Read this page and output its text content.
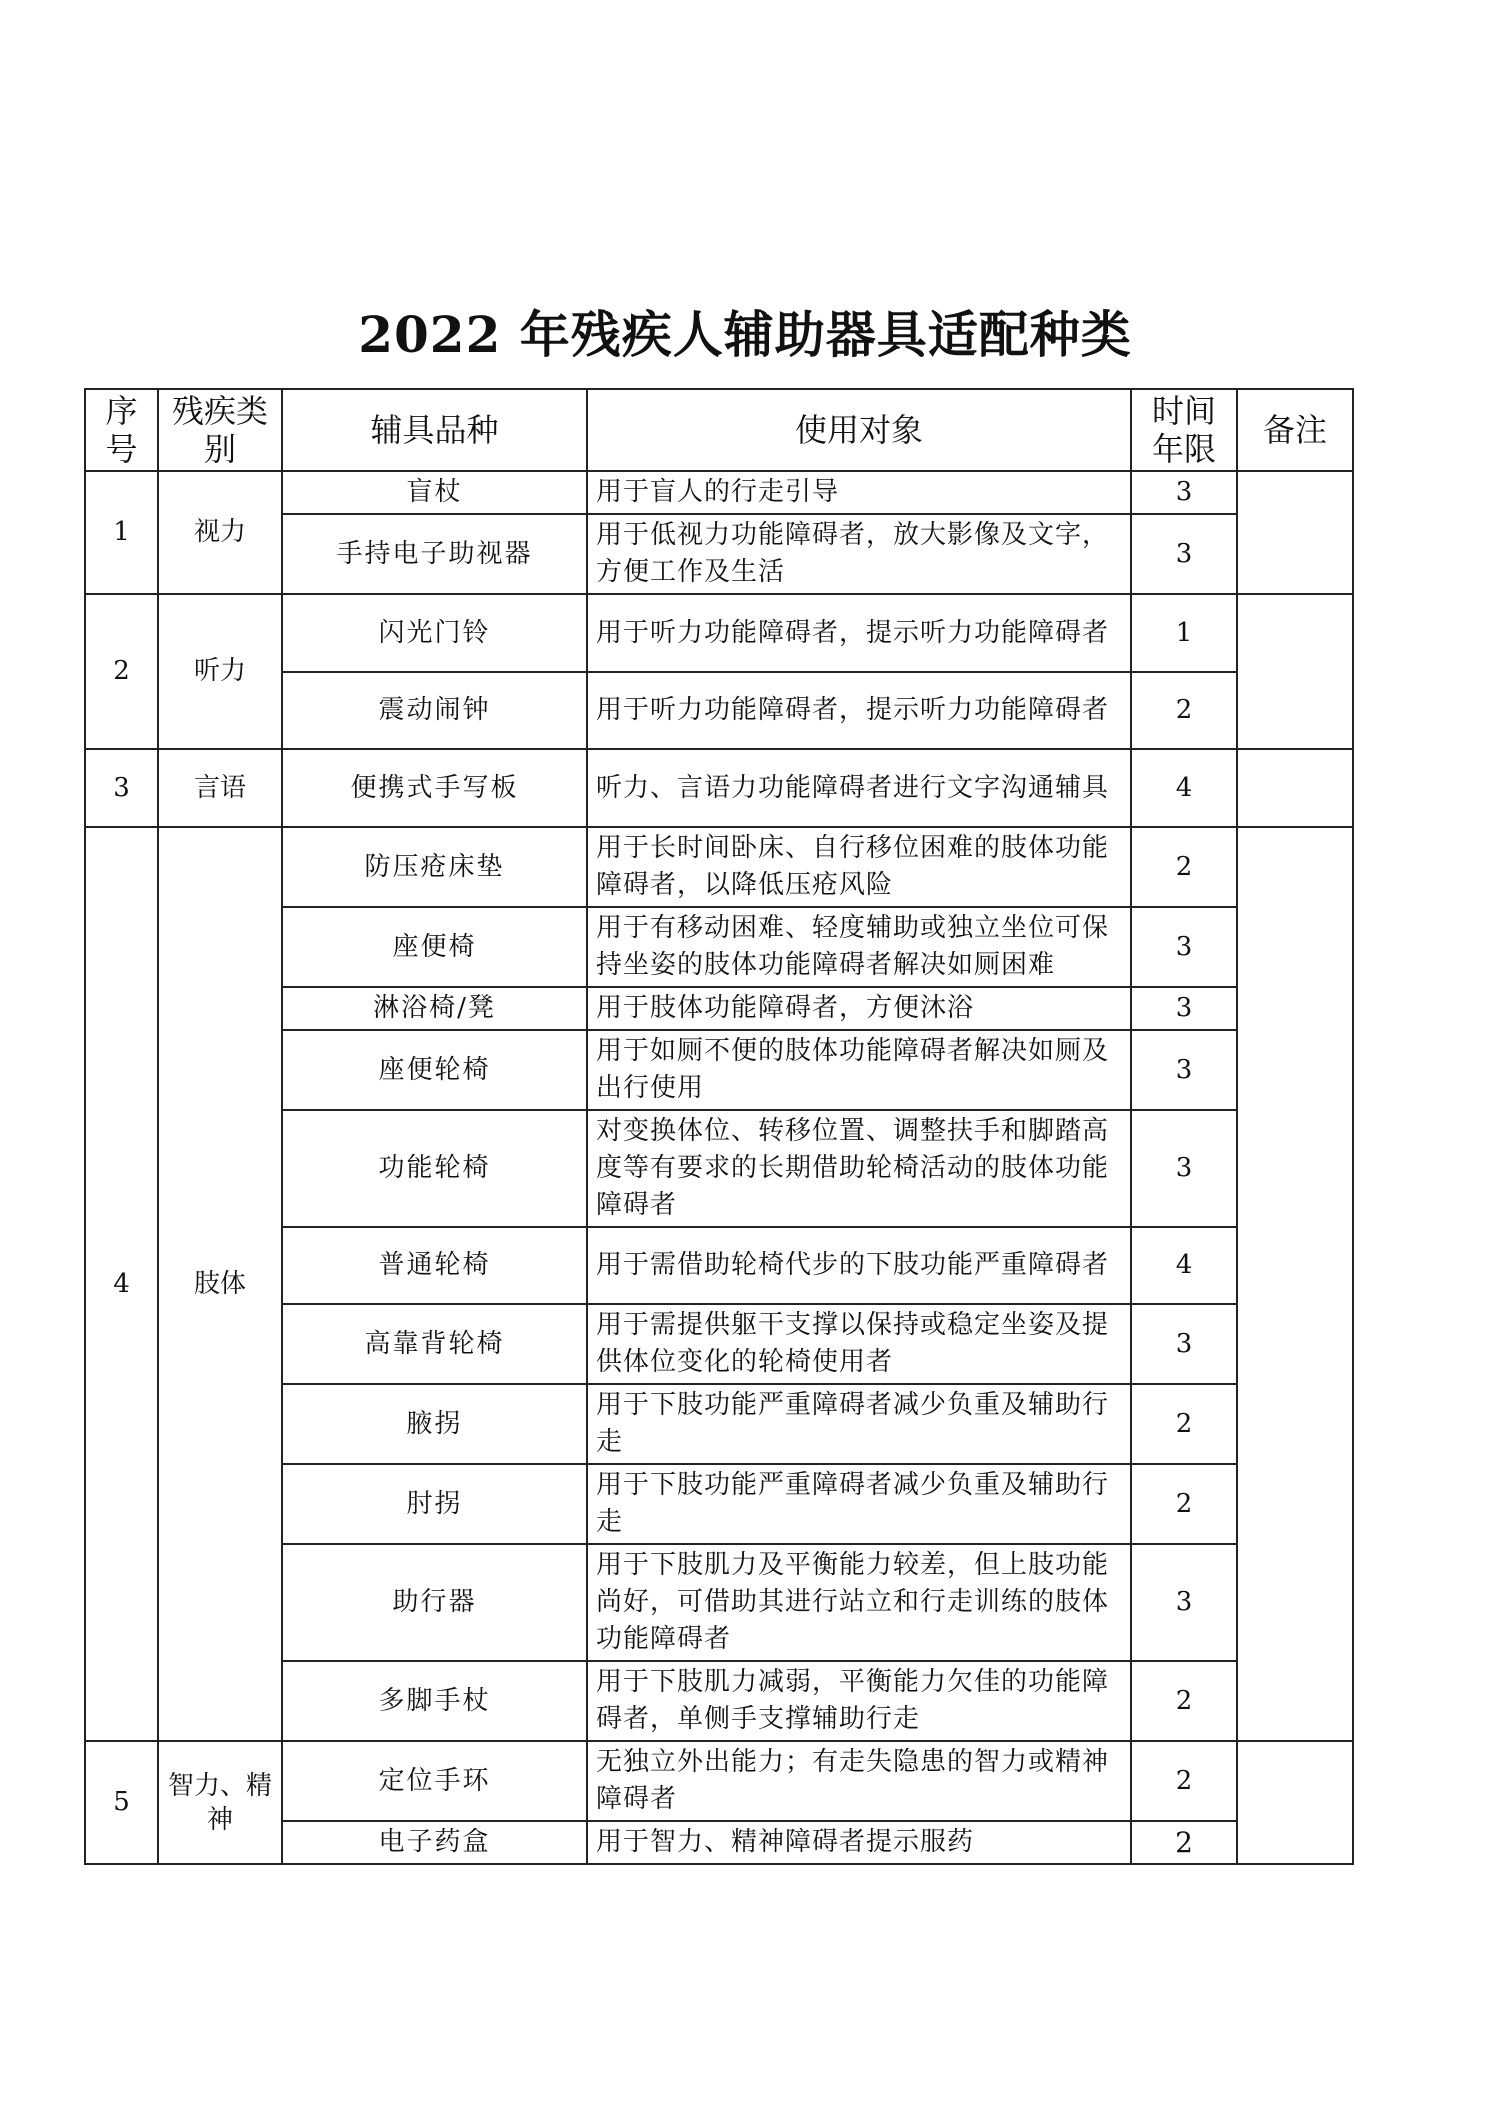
2022 年残疾人辅助器具适配种类
序号	残疾类别	辅具品种	使用对象	时间年限	备注
1	视力	盲杖	用于盲人的行走引导	3	
		手持电子助视器	用于低视力功能障碍者，放大影像及文字，方便工作及生活	3	
2	听力	闪光门铃	用于听力功能障碍者，提示听力功能障碍者	1	
		震动闹钟	用于听力功能障碍者，提示听力功能障碍者	2	
3	言语	便携式手写板	听力、言语力功能障碍者进行文字沟通辅具	4	
4	肢体	防压疮床垫	用于长时间卧床、自行移位困难的肢体功能障碍者，以降低压疮风险	2	
		座便椅	用于有移动困难、轻度辅助或独立坐位可保持坐姿的肢体功能障碍者解决如厕困难	3	
		淋浴椅/凳	用于肢体功能障碍者，方便沐浴	3	
		座便轮椅	用于如厕不便的肢体功能障碍者解决如厕及出行使用	3	
		功能轮椅	对变换体位、转移位置、调整扶手和脚踏高度等有要求的长期借助轮椅活动的肢体功能障碍者	3	
		普通轮椅	用于需借助轮椅代步的下肢功能严重障碍者	4	
		高靠背轮椅	用于需提供躯干支撑以保持或稳定坐姿及提供体位变化的轮椅使用者	3	
		腋拐	用于下肢功能严重障碍者减少负重及辅助行走	2	
		肘拐	用于下肢功能严重障碍者减少负重及辅助行走	2	
		助行器	用于下肢肌力及平衡能力较差，但上肢功能尚好，可借助其进行站立和行走训练的肢体功能障碍者	3	
		多脚手杖	用于下肢肌力减弱，平衡能力欠佳的功能障碍者，单侧手支撑辅助行走	2	
5	智力、精神	定位手环	无独立外出能力；有走失隐患的智力或精神障碍者	2	
		电子药盒	用于智力、精神障碍者提示服药	2	
